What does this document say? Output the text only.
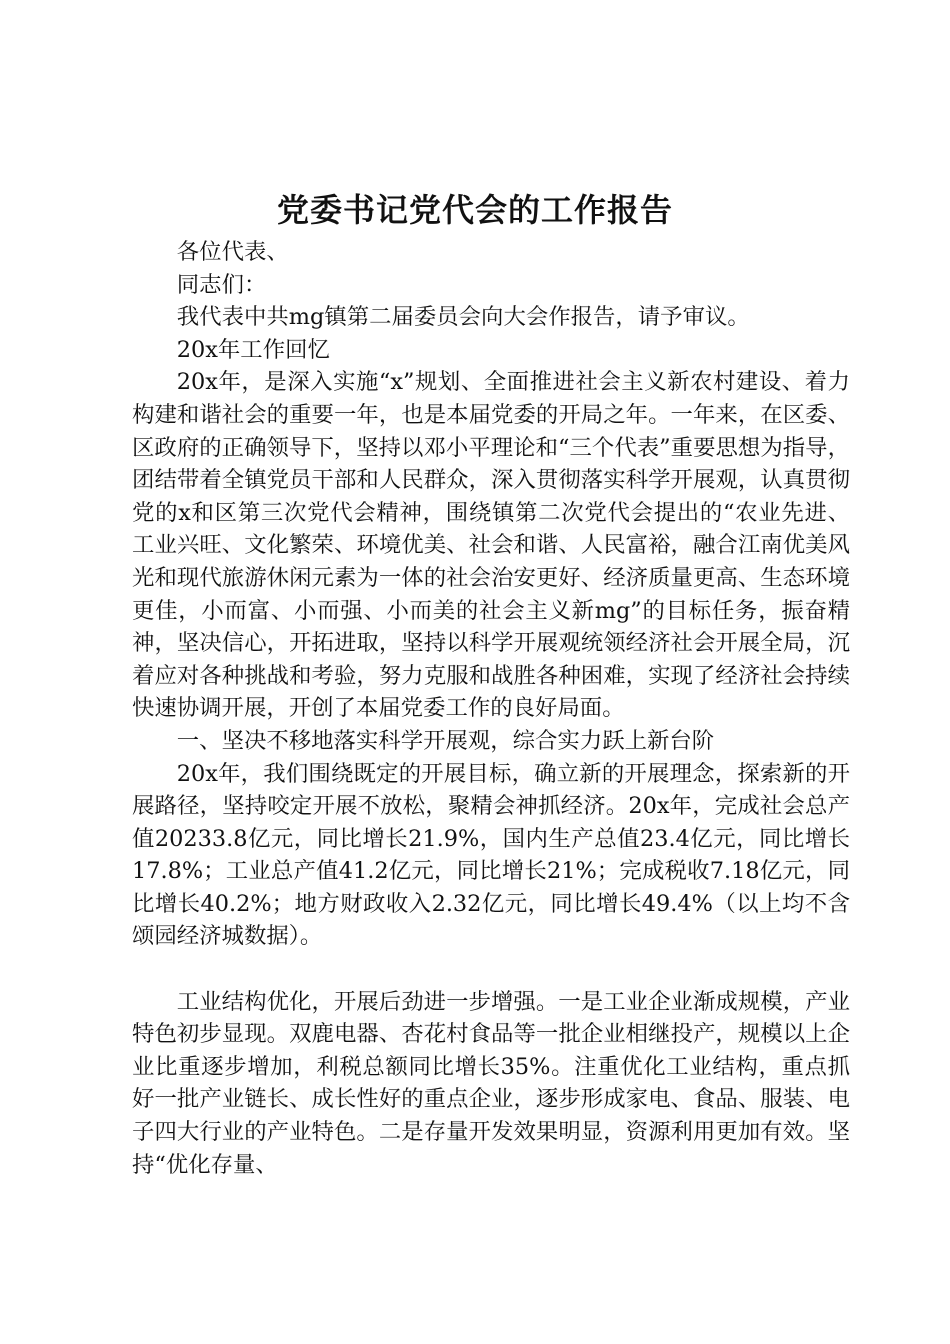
党委书记党代会的工作报告

各位代表、

同志们：

我代表中共mg镇第二届委员会向大会作报告，请予审议。

20x年工作回忆

20x年，是深入实施“x”规划、全面推进社会主义新农村建设、着力构建和谐社会的重要一年，也是本届党委的开局之年。一年来，在区委、区政府的正确领导下，坚持以邓小平理论和“三个代表”重要思想为指导，团结带着全镇党员干部和人民群众，深入贯彻落实科学开展观，认真贯彻党的x和区第三次党代会精神，围绕镇第二次党代会提出的“农业先进、工业兴旺、文化繁荣、环境优美、社会和谐、人民富裕，融合江南优美风光和现代旅游休闲元素为一体的社会治安更好、经济质量更高、生态环境更佳，小而富、小而强、小而美的社会主义新mg”的目标任务，振奋精神，坚决信心，开拓进取，坚持以科学开展观统领经济社会开展全局，沉着应对各种挑战和考验，努力克服和战胜各种困难，实现了经济社会持续快速协调开展，开创了本届党委工作的良好局面。

一、坚决不移地落实科学开展观，综合实力跃上新台阶

20x年，我们围绕既定的开展目标，确立新的开展理念，探索新的开展路径，坚持咬定开展不放松，聚精会神抓经济。20x年，完成社会总产值20233.8亿元，同比增长21.9%，国内生产总值23.4亿元，同比增长17.8%；工业总产值41.2亿元，同比增长21%；完成税收7.18亿元，同比增长40.2%；地方财政收入2.32亿元，同比增长49.4%（以上均不含颂园经济城数据）。

工业结构优化，开展后劲进一步增强。一是工业企业渐成规模，产业特色初步显现。双鹿电器、杏花村食品等一批企业相继投产，规模以上企业比重逐步增加，利税总额同比增长35%。注重优化工业结构，重点抓好一批产业链长、成长性好的重点企业，逐步形成家电、食品、服装、电子四大行业的产业特色。二是存量开发效果明显，资源利用更加有效。坚持“优化存量、
